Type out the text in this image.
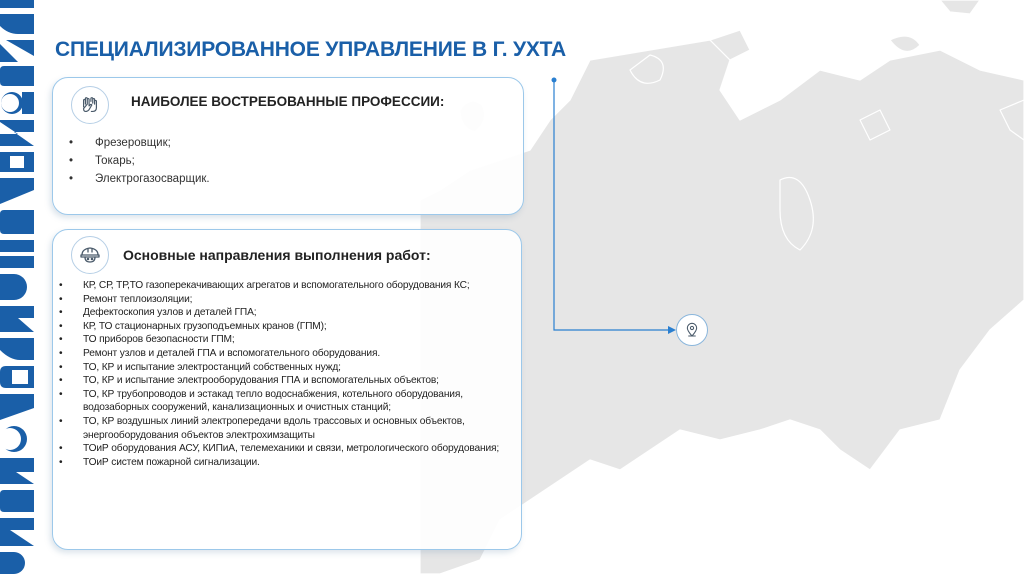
СПЕЦИАЛИЗИРОВАННОЕ УПРАВЛЕНИЕ В Г. УХТА
НАИБОЛЕЕ ВОСТРЕБОВАННЫЕ ПРОФЕССИИ:
• Фрезеровщик;
• Токарь;
• Электрогазосварщик.
Основные направления выполнения работ:
• КР, СР, ТР,ТО газоперекачивающих агрегатов и вспомогательного оборудования КС;
• Ремонт теплоизоляции;
• Дефектоскопия узлов и деталей ГПА;
• КР, ТО стационарных грузоподъемных кранов (ГПМ);
• ТО приборов безопасности ГПМ;
• Ремонт узлов и деталей ГПА и вспомогательного оборудования.
• ТО, КР и испытание электростанций собственных нужд;
• ТО, КР и испытание электрооборудования ГПА и вспомогательных объектов;
• ТО, КР трубопроводов и эстакад тепло водоснабжения, котельного оборудования, водозаборных сооружений, канализационных и очистных станций;
• ТО, КР воздушных линий электропередачи вдоль трассовых и основных объектов, энергооборудования объектов электрохимзащиты
• ТОиР оборудования АСУ, КИПиА, телемеханики и связи, метрологического оборудования;
• ТОиР систем пожарной сигнализации.
